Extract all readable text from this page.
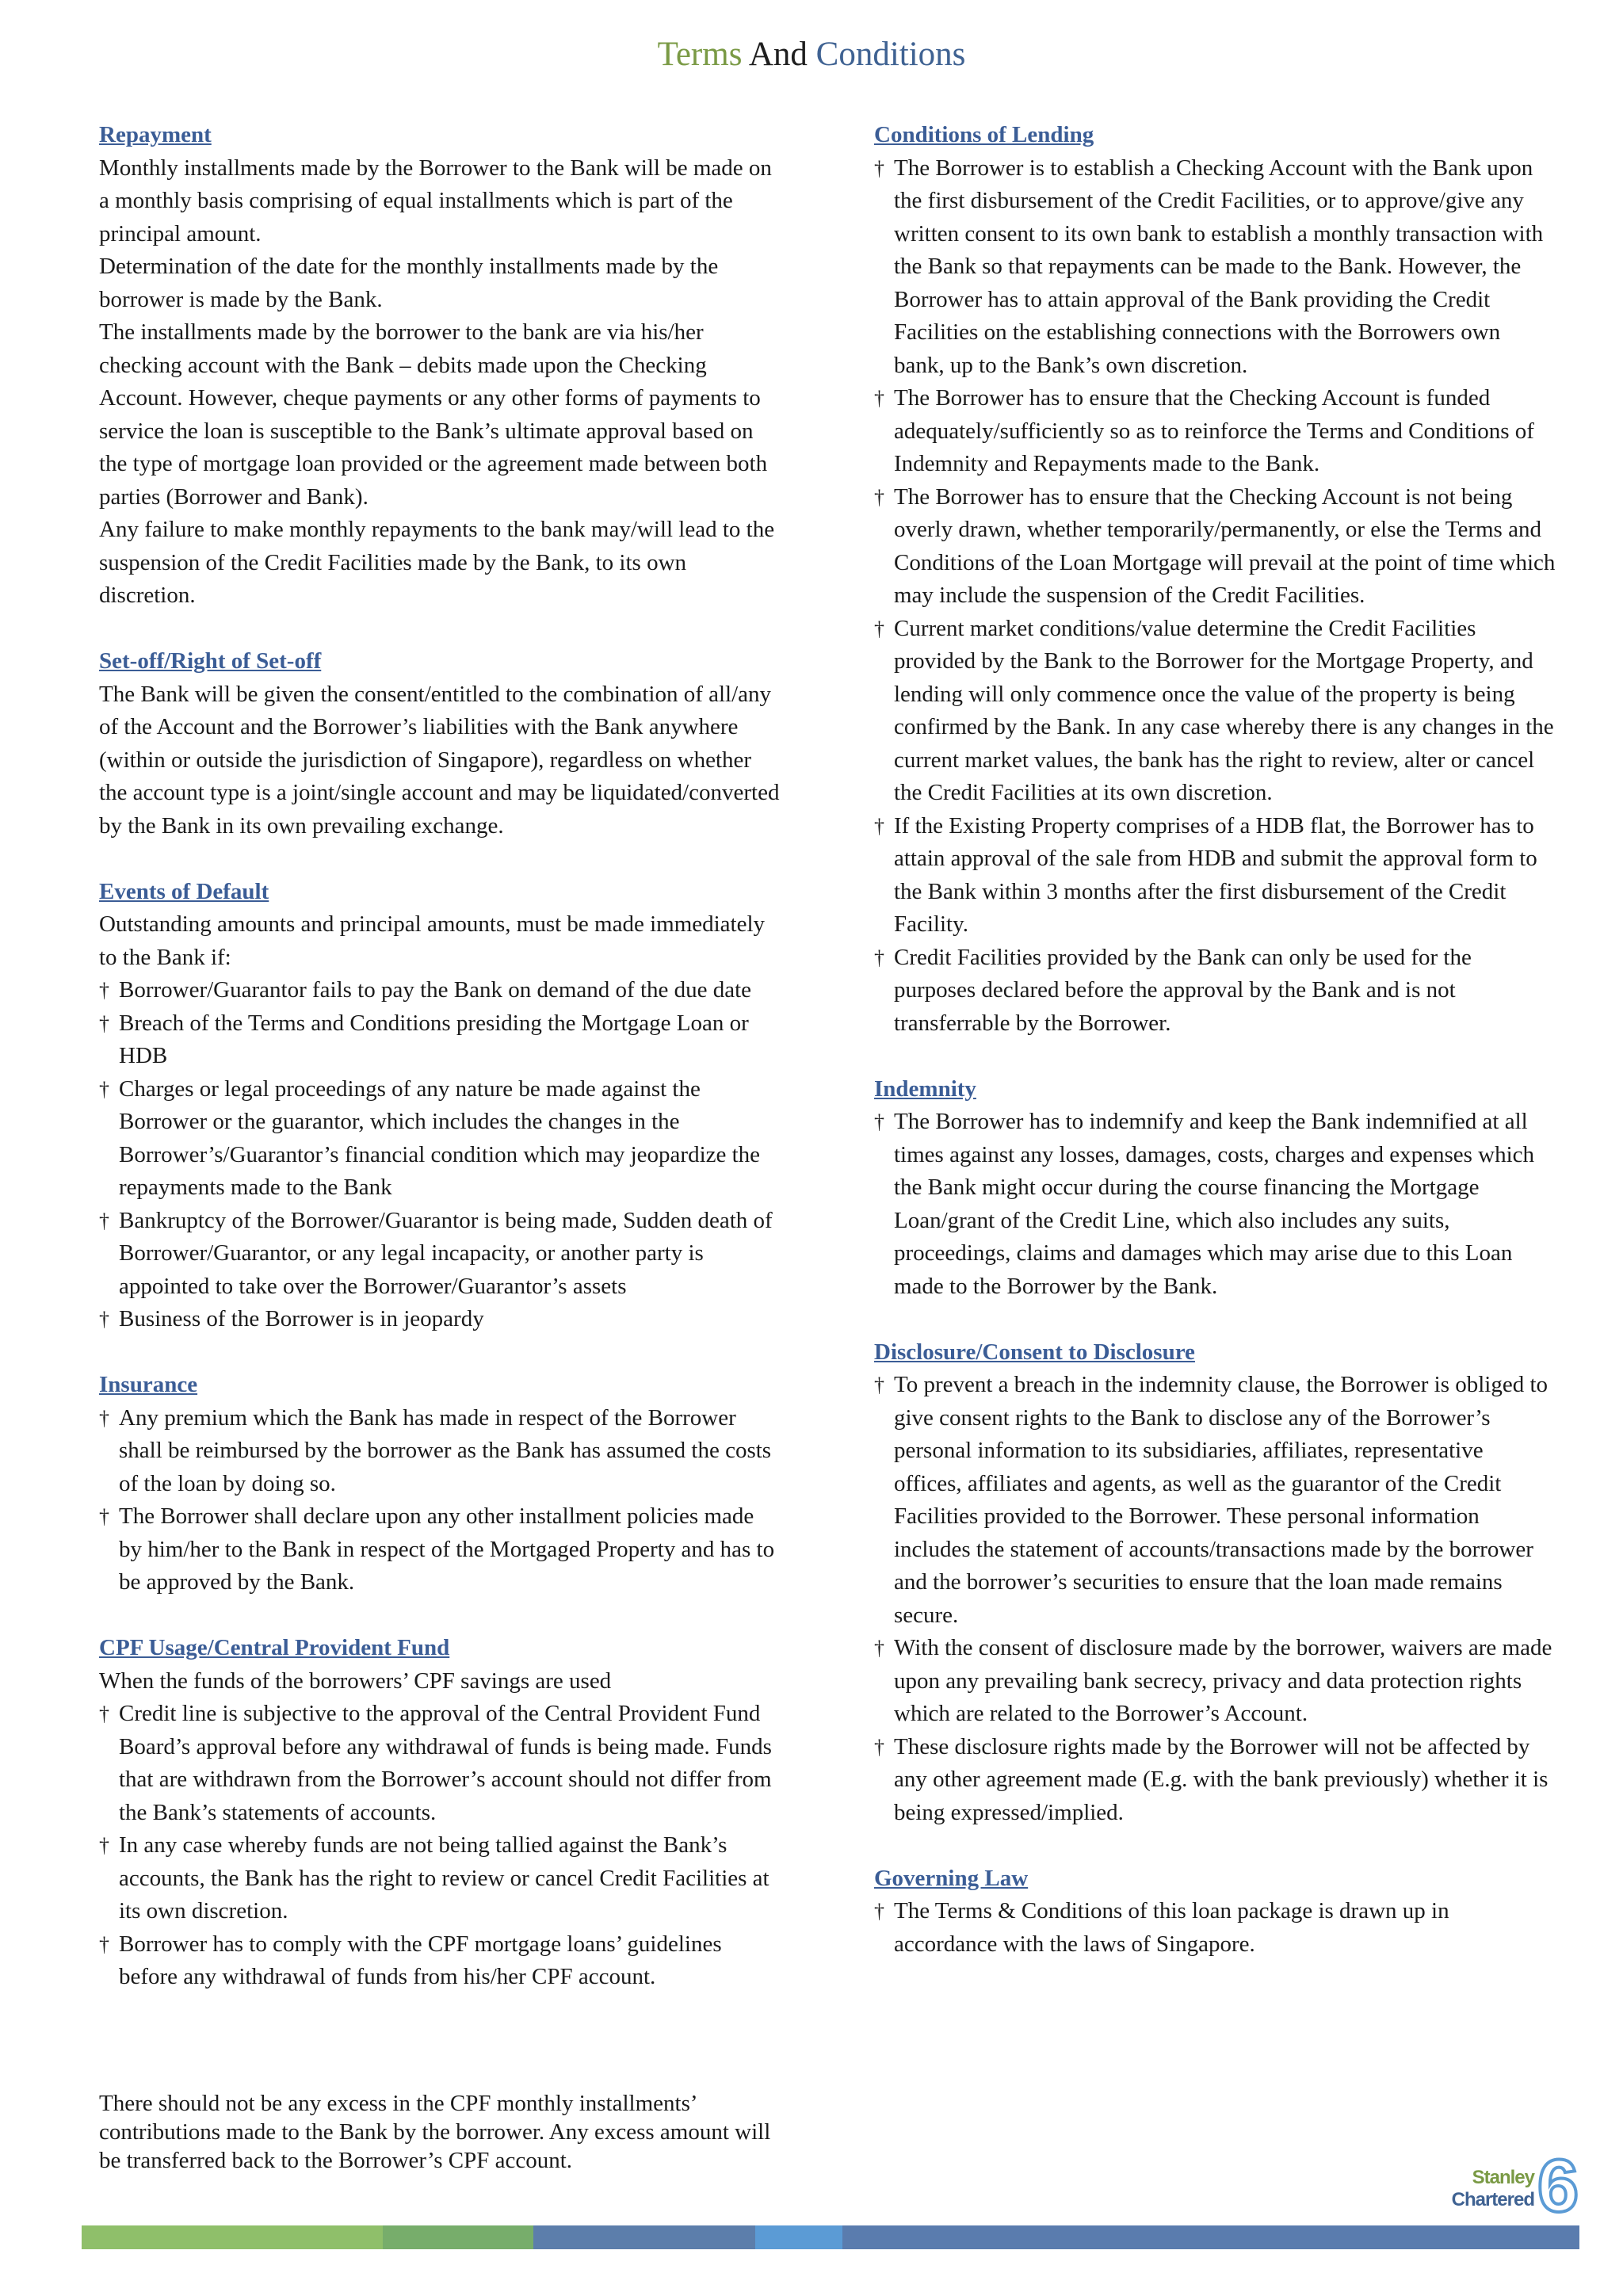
Terms And Conditions
Repayment
Monthly installments made by the Borrower to the Bank will be made on a monthly basis comprising of equal installments which is part of the principal amount.
Determination of the date for the monthly installments made by the borrower is made by the Bank.
The installments made by the borrower to the bank are via his/her checking account with the Bank – debits made upon the Checking Account. However, cheque payments or any other forms of payments to service the loan is susceptible to the Bank’s ultimate approval based on the type of mortgage loan provided or the agreement made between both parties (Borrower and Bank).
Any failure to make monthly repayments to the bank may/will lead to the suspension of the Credit Facilities made by the Bank, to its own discretion.
Set-off/Right of Set-off
The Bank will be given the consent/entitled to the combination of all/any of the Account and the Borrower’s liabilities with the Bank anywhere (within or outside the jurisdiction of Singapore), regardless on whether the account type is a joint/single account and may be liquidated/converted by the Bank in its own prevailing exchange.
Events of Default
Outstanding amounts and principal amounts, must be made immediately to the Bank if:
† Borrower/Guarantor fails to pay the Bank on demand of the due date
† Breach of the Terms and Conditions presiding the Mortgage Loan or HDB
† Charges or legal proceedings of any nature be made against the Borrower or the guarantor, which includes the changes in the Borrower’s/Guarantor’s financial condition which may jeopardize the repayments made to the Bank
† Bankruptcy of the Borrower/Guarantor is being made, Sudden death of Borrower/Guarantor, or any legal incapacity, or another party is appointed to take over the Borrower/Guarantor’s assets
† Business of the Borrower is in jeopardy
Insurance
† Any premium which the Bank has made in respect of the Borrower shall be reimbursed by the borrower as the Bank has assumed the costs of the loan by doing so.
† The Borrower shall declare upon any other installment policies made by him/her to the Bank in respect of the Mortgaged Property and has to be approved by the Bank.
CPF Usage/Central Provident Fund
When the funds of the borrowers’ CPF savings are used
† Credit line is subjective to the approval of the Central Provident Fund Board’s approval before any withdrawal of funds is being made. Funds that are withdrawn from the Borrower’s account should not differ from the Bank’s statements of accounts.
† In any case whereby funds are not being tallied against the Bank’s accounts, the Bank has the right to review or cancel Credit Facilities at its own discretion.
† Borrower has to comply with the CPF mortgage loans’ guidelines before any withdrawal of funds from his/her CPF account.
There should not be any excess in the CPF monthly installments’ contributions made to the Bank by the borrower. Any excess amount will be transferred back to the Borrower’s CPF account.
Conditions of Lending
† The Borrower is to establish a Checking Account with the Bank upon the first disbursement of the Credit Facilities, or to approve/give any written consent to its own bank to establish a monthly transaction with the Bank so that repayments can be made to the Bank. However, the Borrower has to attain approval of the Bank providing the Credit Facilities on the establishing connections with the Borrowers own bank, up to the Bank’s own discretion.
† The Borrower has to ensure that the Checking Account is funded adequately/sufficiently so as to reinforce the Terms and Conditions of Indemnity and Repayments made to the Bank.
† The Borrower has to ensure that the Checking Account is not being overly drawn, whether temporarily/permanently, or else the Terms and Conditions of the Loan Mortgage will prevail at the point of time which may include the suspension of the Credit Facilities.
† Current market conditions/value determine the Credit Facilities provided by the Bank to the Borrower for the Mortgage Property, and lending will only commence once the value of the property is being confirmed by the Bank. In any case whereby there is any changes in the current market values, the bank has the right to review, alter or cancel the Credit Facilities at its own discretion.
† If the Existing Property comprises of a HDB flat, the Borrower has to attain approval of the sale from HDB and submit the approval form to the Bank within 3 months after the first disbursement of the Credit Facility.
† Credit Facilities provided by the Bank can only be used for the purposes declared before the approval by the Bank and is not transferrable by the Borrower.
Indemnity
† The Borrower has to indemnify and keep the Bank indemnified at all times against any losses, damages, costs, charges and expenses which the Bank might occur during the course financing the Mortgage Loan/grant of the Credit Line, which also includes any suits, proceedings, claims and damages which may arise due to this Loan made to the Borrower by the Bank.
Disclosure/Consent to Disclosure
† To prevent a breach in the indemnity clause, the Borrower is obliged to give consent rights to the Bank to disclose any of the Borrower’s personal information to its subsidiaries, affiliates, representative offices, affiliates and agents, as well as the guarantor of the Credit Facilities provided to the Borrower. These personal information includes the statement of accounts/transactions made by the borrower and the borrower’s securities to ensure that the loan made remains secure.
† With the consent of disclosure made by the borrower, waivers are made upon any prevailing bank secrecy, privacy and data protection rights which are related to the Borrower’s Account.
† These disclosure rights made by the Borrower will not be affected by any other agreement made (E.g. with the bank previously) whether it is being expressed/implied.
Governing Law
† The Terms & Conditions of this loan package is drawn up in accordance with the laws of Singapore.
Stanley
Chartered 6
